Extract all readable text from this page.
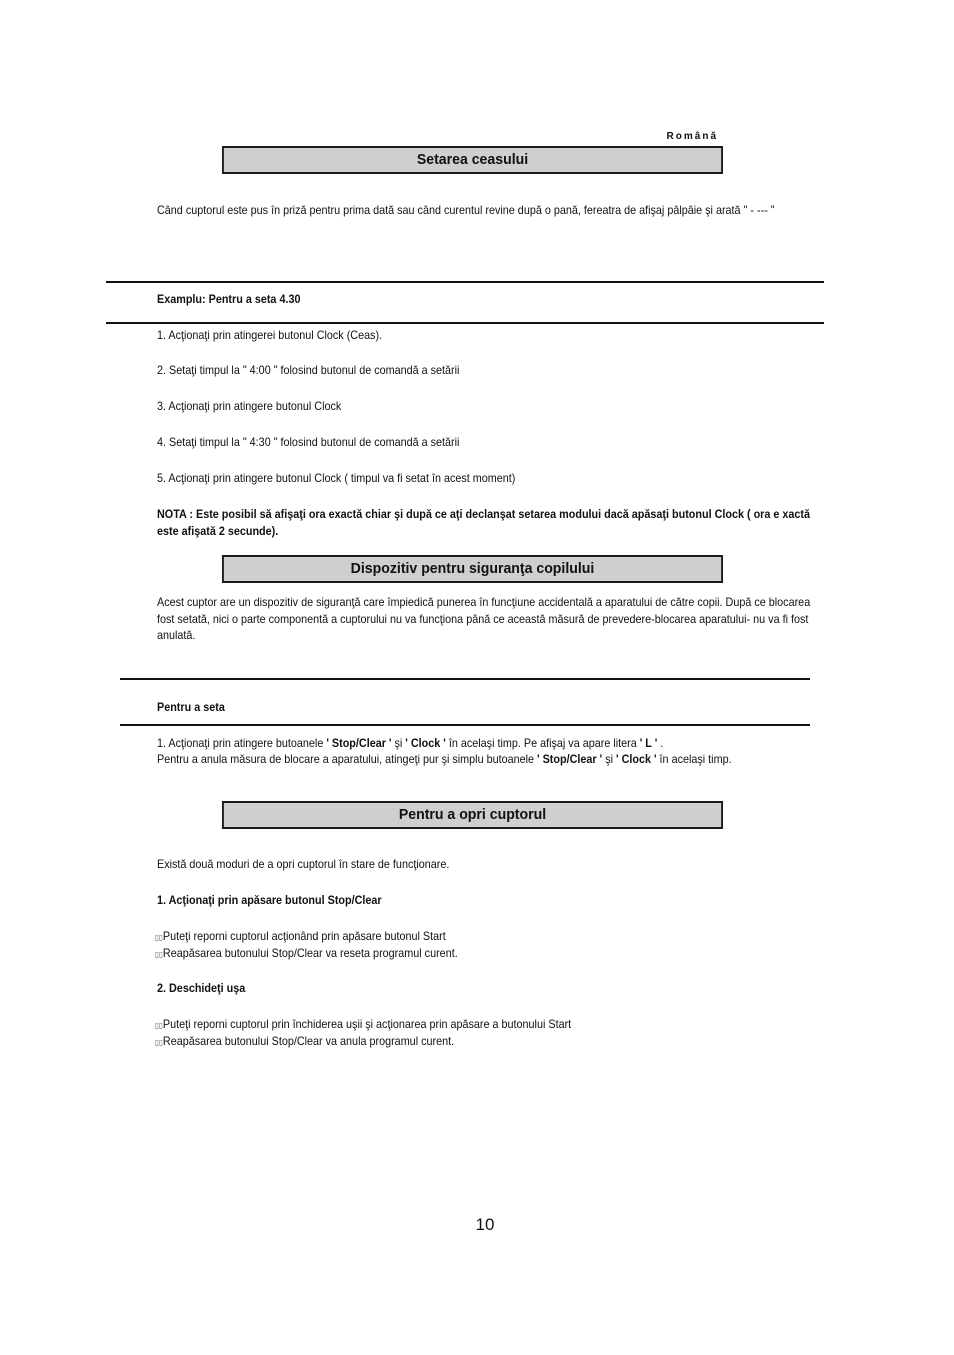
Română
Setarea ceasului
Când cuptorul este pus în priză pentru prima dată sau când curentul revine după o pană, fereatra de afişaj pâlpâie şi arată " - --- "
Examplu: Pentru a seta 4.30
1. Acţionaţi prin atingerei butonul Clock (Ceas).
2. Setaţi timpul la " 4:00 " folosind butonul de comandă a setării
3. Acţionaţi prin atingere butonul Clock
4. Setaţi timpul la " 4:30 " folosind butonul de comandă a setării
5. Acţionaţi prin atingere butonul Clock ( timpul va fi setat în acest moment)
NOTA : Este posibil să afişaţi ora exactă chiar şi după ce aţi declanşat setarea modului dacă apăsaţi butonul Clock ( ora e xactă este afişată 2 secunde).
Dispozitiv pentru siguranţa copilului
Acest cuptor are un dispozitiv de siguranţă care împiedică punerea în funcţiune accidentală a aparatului de către copii. După ce blocarea fost setată, nici o parte componentă a cuptorului nu va funcţiona până ce această măsură de prevedere-blocarea aparatului- nu va fi fost anulată.
Pentru a seta
1. Acţionaţi prin atingere butoanele ' Stop/Clear ' şi ' Clock ' în acelaşi timp. Pe afişaj va apare litera ' L ' .
Pentru a anula măsura de blocare a aparatului, atingeţi pur şi simplu butoanele ' Stop/Clear ' şi ' Clock ' în acelaşi timp.
Pentru a opri cuptorul
Există două moduri de a opri cuptorul în stare de funcţionare.
1. Acţionaţi prin apăsare butonul Stop/Clear
▯▯Puteţi reporni cuptorul acţionând prin apăsare butonul Start
▯▯Reapăsarea butonului Stop/Clear va reseta programul curent.
2. Deschideţi uşa
▯▯Puteţi reporni cuptorul prin închiderea uşii şi acţionarea prin apăsare a butonului Start
▯▯Reapăsarea butonului Stop/Clear va anula programul curent.
10
